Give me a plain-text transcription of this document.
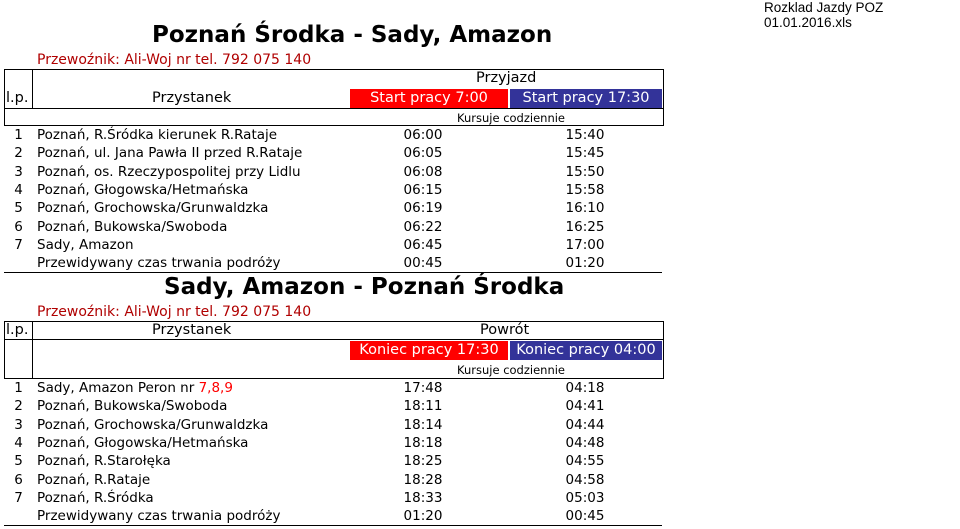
Rozklad Jazdy POZ 01.01.2016.xls
Poznań Środka - Sady, Amazon
Przewoźnik: Ali-Woj nr tel. 792 075 140
Przyjazd
l.p.	Przystanek	Start pracy 7:00	Start pracy 17:30
Kursuje codziennie
1	Poznań, R.Śródka kierunek R.Rataje	06:00	15:40
2	Poznań, ul. Jana Pawła II przed R.Rataje	06:05	15:45
3	Poznań, os. Rzeczypospolitej przy Lidlu	06:08	15:50
4	Poznań, Głogowska/Hetmańska	06:15	15:58
5	Poznań, Grochowska/Grunwaldzka	06:19	16:10
6	Poznań, Bukowska/Swoboda	06:22	16:25
7	Sady, Amazon	06:45	17:00
	Przewidywany czas trwania podróży	00:45	01:20
Sady, Amazon - Poznań Środka
Przewoźnik: Ali-Woj nr tel. 792 075 140
l.p.	Przystanek	Powrót
Koniec pracy 17:30	Koniec pracy 04:00
Kursuje codziennie
1	Sady, Amazon Peron nr 7,8,9	17:48	04:18
2	Poznań, Bukowska/Swoboda	18:11	04:41
3	Poznań, Grochowska/Grunwaldzka	18:14	04:44
4	Poznań, Głogowska/Hetmańska	18:18	04:48
5	Poznań, R.Starołęka	18:25	04:55
6	Poznań, R.Rataje	18:28	04:58
7	Poznań, R.Śródka	18:33	05:03
	Przewidywany czas trwania podróży	01:20	00:45
